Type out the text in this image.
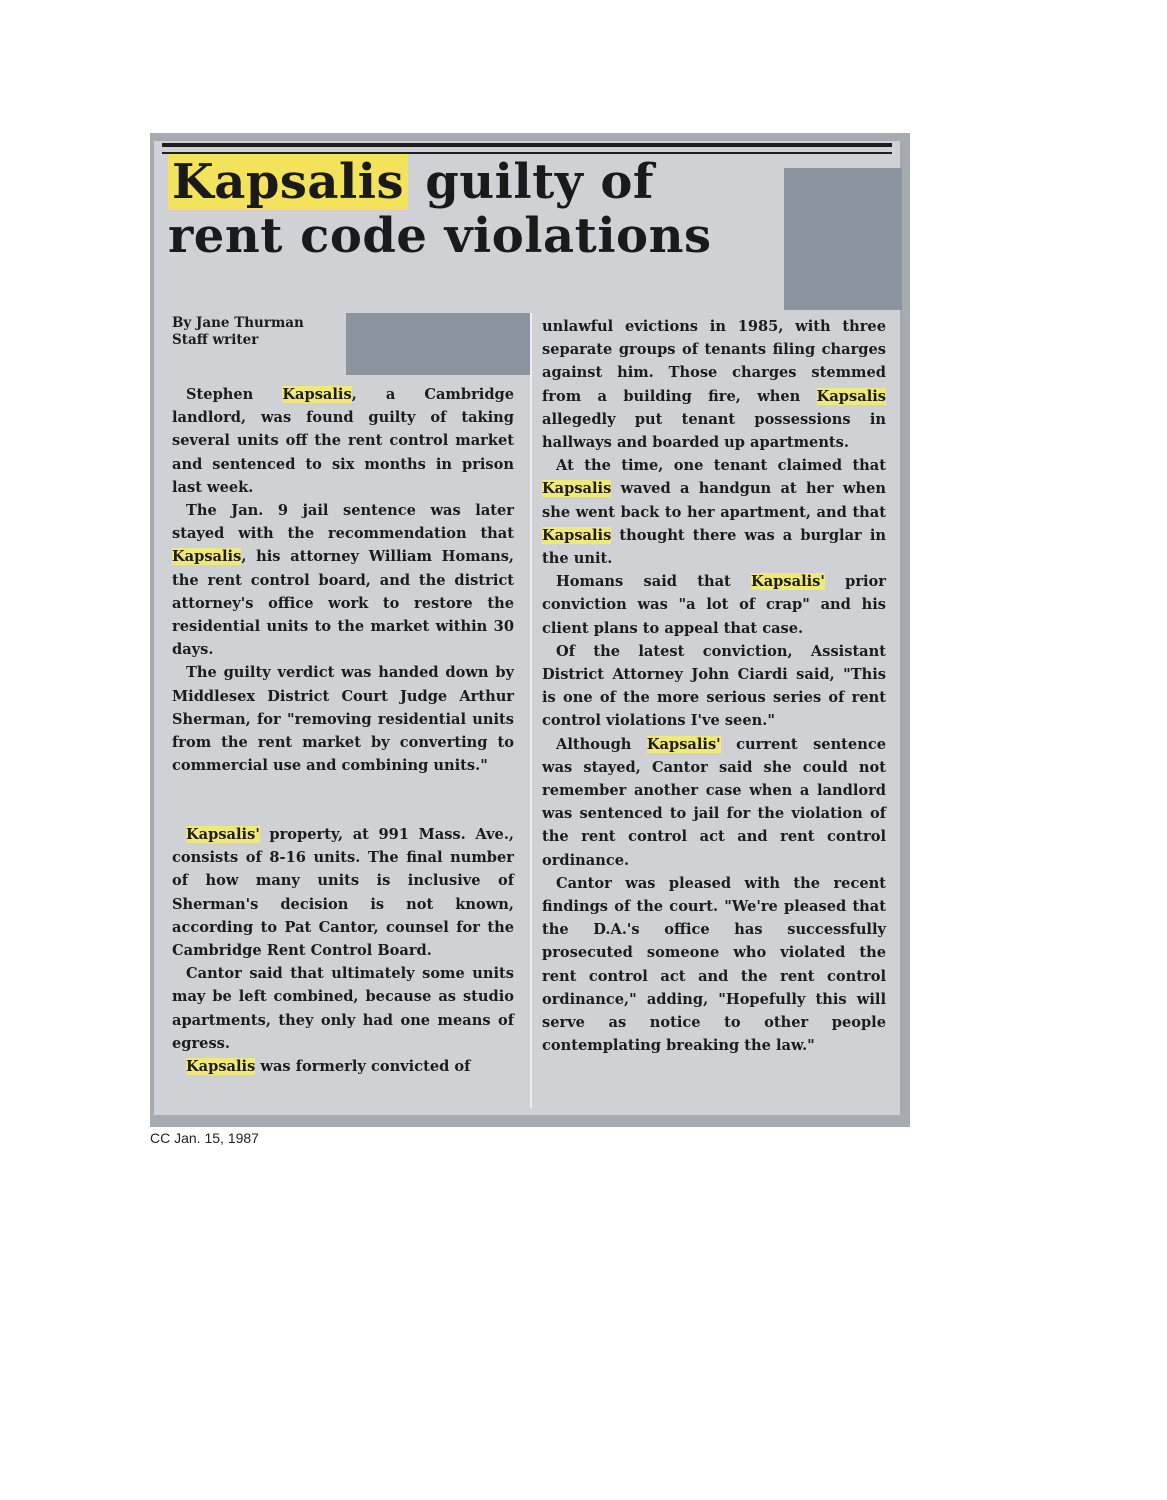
Kapsalis guilty of
rent code violations
By Jane Thurman
Staff writer

Stephen Kapsalis, a Cambridge landlord, was found guilty of taking several units off the rent control market and sentenced to six months in prison last week.

The Jan. 9 jail sentence was later stayed with the recommendation that Kapsalis, his attorney William Homans, the rent control board, and the district attorney's office work to restore the residential units to the market within 30 days.

The guilty verdict was handed down by Middlesex District Court Judge Arthur Sherman, for "removing residential units from the rent market by converting to commercial use and combining units."

Kapsalis' property, at 991 Mass. Ave., consists of 8-16 units. The final number of how many units is inclusive of Sherman's decision is not known, according to Pat Cantor, counsel for the Cambridge Rent Control Board.

Cantor said that ultimately some units may be left combined, because as studio apartments, they only had one means of egress.

Kapsalis was formerly convicted of

unlawful evictions in 1985, with three separate groups of tenants filing charges against him. Those charges stemmed from a building fire, when Kapsalis allegedly put tenant possessions in hallways and boarded up apartments.

At the time, one tenant claimed that Kapsalis waved a handgun at her when she went back to her apartment, and that Kapsalis thought there was a burglar in the unit.

Homans said that Kapsalis' prior conviction was "a lot of crap" and his client plans to appeal that case.

Of the latest conviction, Assistant District Attorney John Ciardi said, "This is one of the more serious series of rent control violations I've seen."

Although Kapsalis' current sentence was stayed, Cantor said she could not remember another case when a landlord was sentenced to jail for the violation of the rent control act and rent control ordinance.

Cantor was pleased with the recent findings of the court. "We're pleased that the D.A.'s office has successfully prosecuted someone who violated the rent control act and the rent control ordinance," adding, "Hopefully this will serve as notice to other people contemplating breaking the law."

CC Jan. 15, 1987
